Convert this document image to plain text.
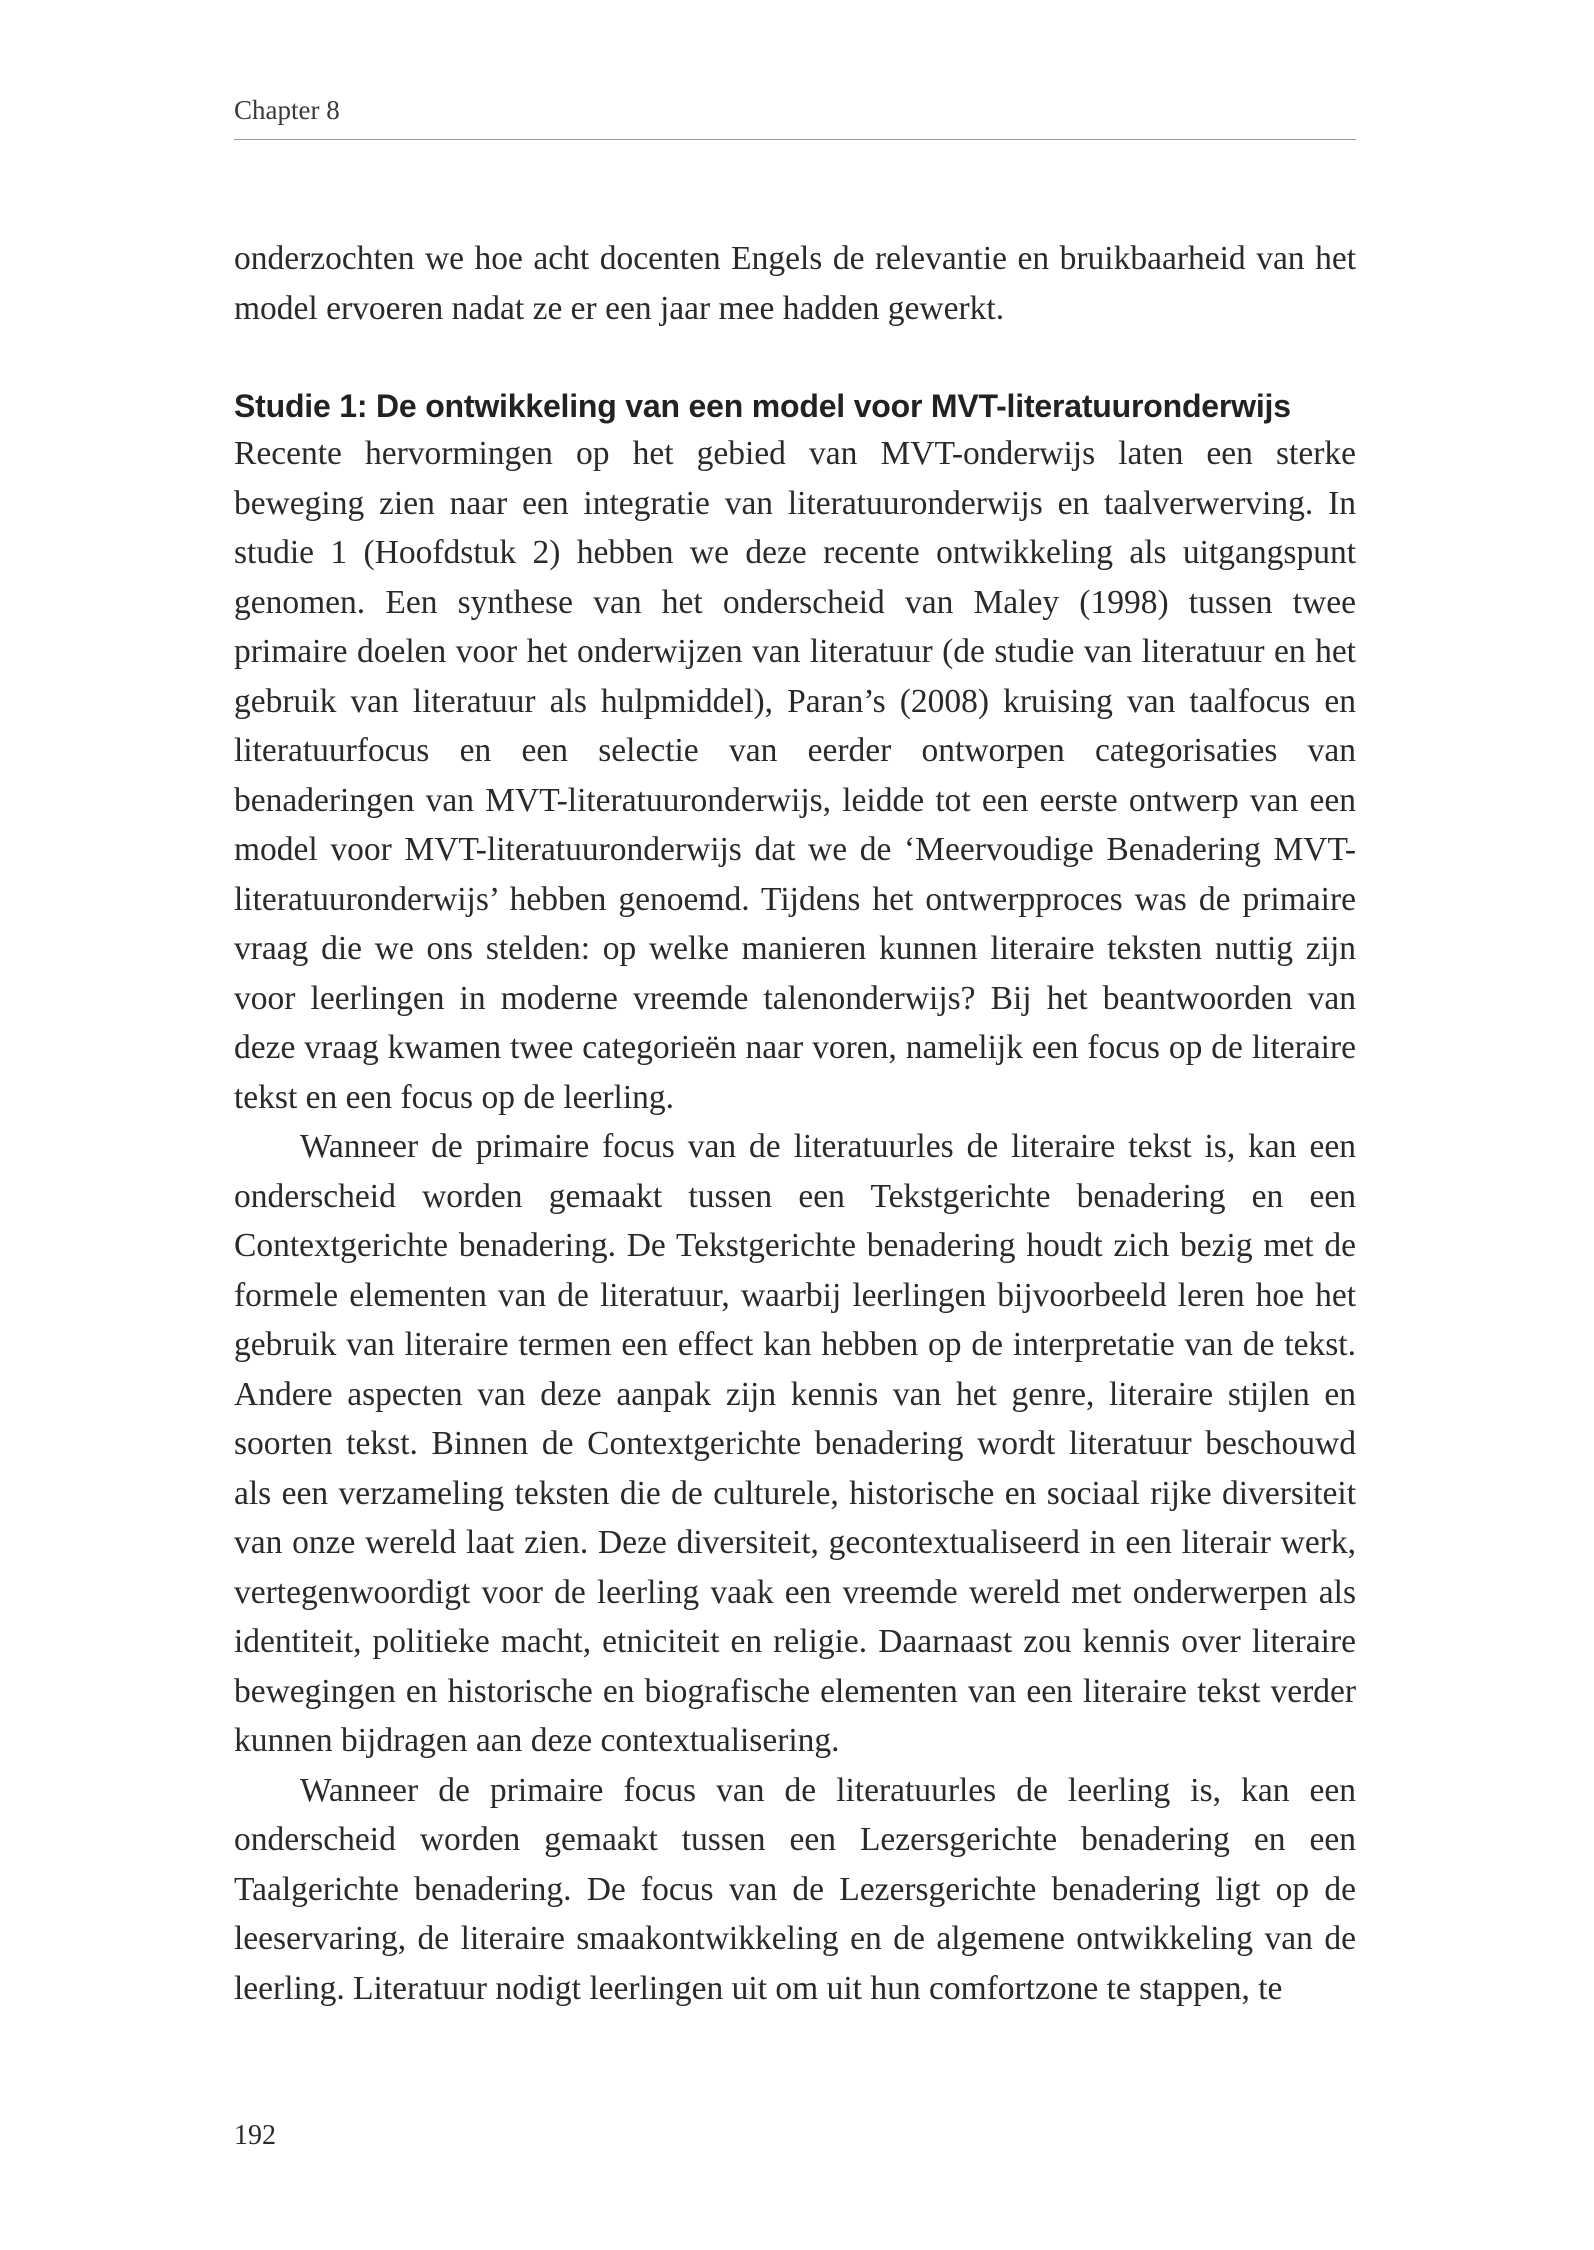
Chapter 8

onderzochten we hoe acht docenten Engels de relevantie en bruikbaarheid van het model ervoeren nadat ze er een jaar mee hadden gewerkt.

Studie 1: De ontwikkeling van een model voor MVT-literatuuronderwijs

Recente hervormingen op het gebied van MVT-onderwijs laten een sterke beweging zien naar een integratie van literatuuronderwijs en taalverwerving. In studie 1 (Hoofdstuk 2) hebben we deze recente ontwikkeling als uitgangspunt genomen. Een synthese van het onderscheid van Maley (1998) tussen twee primaire doelen voor het onderwijzen van literatuur (de studie van literatuur en het gebruik van literatuur als hulpmiddel), Paran’s (2008) kruising van taalfocus en literatuurfocus en een selectie van eerder ontworpen categorisaties van benaderingen van MVT-literatuuronderwijs, leidde tot een eerste ontwerp van een model voor MVT-literatuuronderwijs dat we de ‘Meervoudige Benadering MVT-literatuuronderwijs’ hebben genoemd. Tijdens het ontwerpproces was de primaire vraag die we ons stelden: op welke manieren kunnen literaire teksten nuttig zijn voor leerlingen in moderne vreemde talenonderwijs? Bij het beantwoorden van deze vraag kwamen twee categorieën naar voren, namelijk een focus op de literaire tekst en een focus op de leerling.

Wanneer de primaire focus van de literatuurles de literaire tekst is, kan een onderscheid worden gemaakt tussen een Tekstgerichte benadering en een Contextgerichte benadering. De Tekstgerichte benadering houdt zich bezig met de formele elementen van de literatuur, waarbij leerlingen bijvoorbeeld leren hoe het gebruik van literaire termen een effect kan hebben op de interpretatie van de tekst. Andere aspecten van deze aanpak zijn kennis van het genre, literaire stijlen en soorten tekst. Binnen de Contextgerichte benadering wordt literatuur beschouwd als een verzameling teksten die de culturele, historische en sociaal rijke diversiteit van onze wereld laat zien. Deze diversiteit, gecontextualiseerd in een literair werk, vertegenwoordigt voor de leerling vaak een vreemde wereld met onderwerpen als identiteit, politieke macht, etniciteit en religie. Daarnaast zou kennis over literaire bewegingen en historische en biografische elementen van een literaire tekst verder kunnen bijdragen aan deze contextualisering.

Wanneer de primaire focus van de literatuurles de leerling is, kan een onderscheid worden gemaakt tussen een Lezersgerichte benadering en een Taalgerichte benadering. De focus van de Lezersgerichte benadering ligt op de leeservaring, de literaire smaakontwikkeling en de algemene ontwikkeling van de leerling. Literatuur nodigt leerlingen uit om uit hun comfortzone te stappen, te

192
